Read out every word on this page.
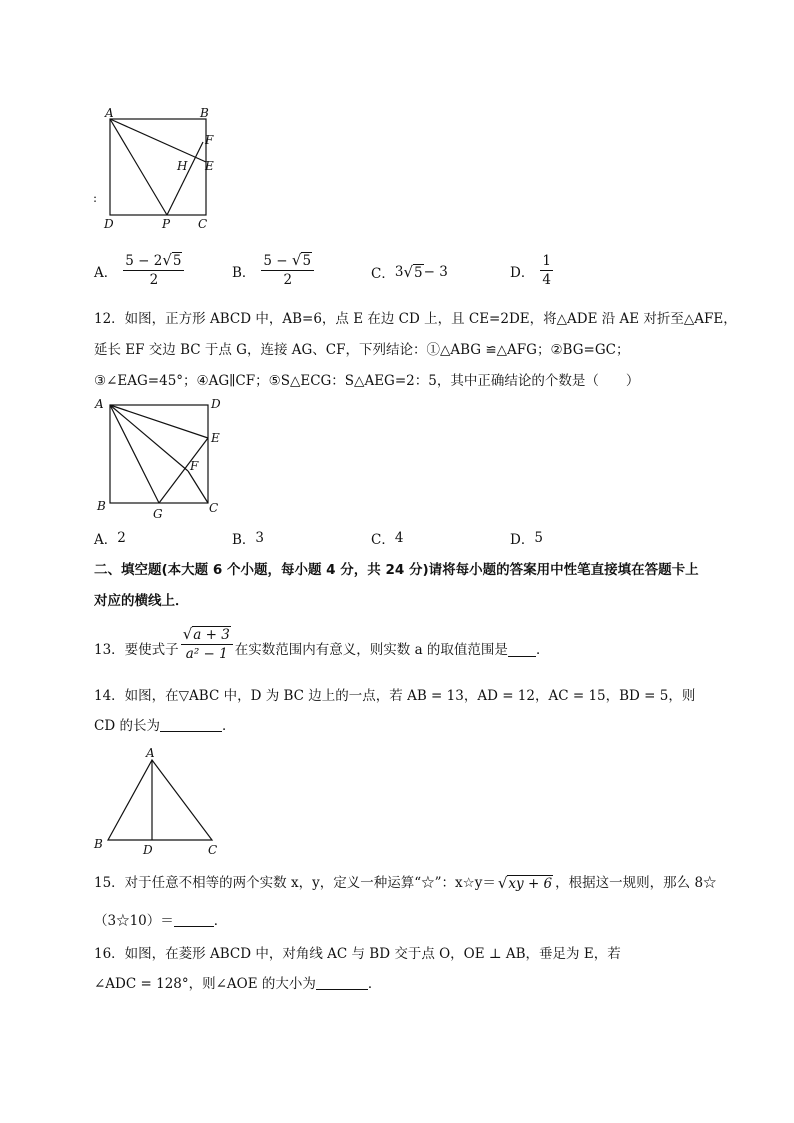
A	B
F
H E
D	P C
:
A． $\frac{5 - 2 √ 5}{2}$	B． $\frac{5 - √ 5}{2}$	C． 3 √ 5 − 3	D． $\frac{1}{4}$
12．如图，正方形 ABCD 中，AB=6，点 E 在边 CD 上，且 CE=2DE，将△ADE 沿 AE 对折至△AFE，
延长 EF 交边 BC 于点 G，连接 AG、CF，下列结论：①△ABG ≌△AFG；②BG=GC；
③∠EAG=45°；④AG∥CF；⑤S△ECG：S△AEG=2：5，其中正确结论的个数是（　　）
A	D
E
F
B
G	C
A． 2	B． 3	C． 4	D． 5
二、填空题(本大题 6 个小题，每小题 4 分，共 24 分)请将每小题的答案用中性笔直接填在答题卡上
对应的横线上．
13．要使式子 $\frac{√ a + 3}{\text{a² − 1}}$ 在实数范围内有意义，则实数 a 的取值范围是 ．
14．如图，在▽ABC 中，D 为 BC 边上的一点，若 AB = 13，AD = 12，AC = 15，BD = 5，则
CD 的长为	．
A
B	D	C
15．对于任意不相等的两个实数 x，y，定义一种运算“☆”：x☆y＝ √ xy + 6 ，根据这一规则，那么 8☆
（3☆10）＝	．
16．如图，在菱形 ABCD 中，对角线 AC 与 BD 交于点 O，OE ⊥ AB，垂足为 E，若
∠ADC = 128°，则∠AOE 的大小为	．
